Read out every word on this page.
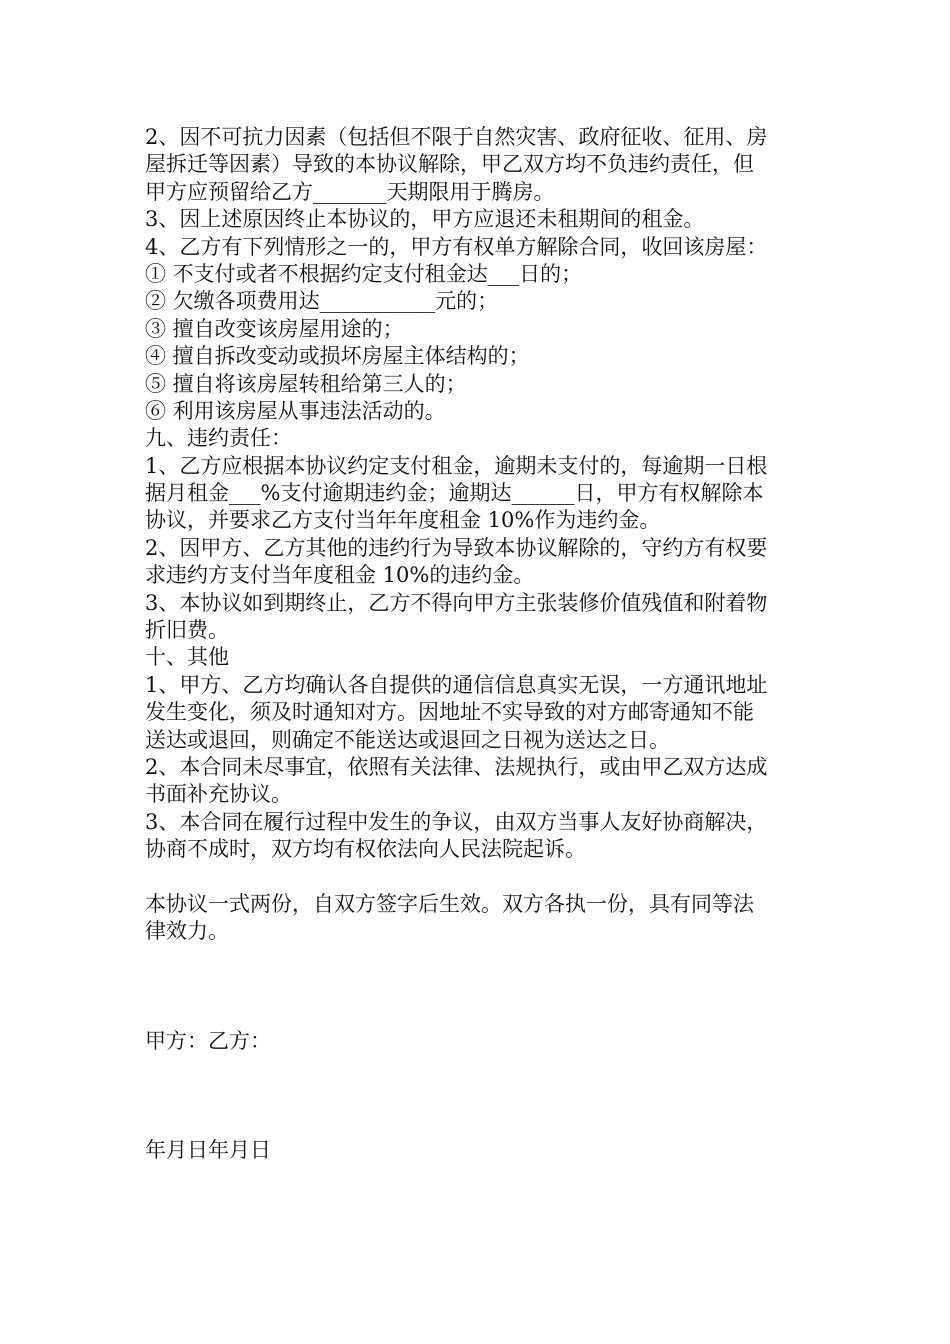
2、因不可抗力因素（包括但不限于自然灾害、政府征收、征用、房
屋拆迁等因素）导致的本协议解除，甲乙双方均不负违约责任，但
甲方应预留给乙方_______天期限用于腾房。
3、因上述原因终止本协议的，甲方应退还未租期间的租金。
4、乙方有下列情形之一的，甲方有权单方解除合同，收回该房屋：
① 不支付或者不根据约定支付租金达___日的；
② 欠缴各项费用达___________元的；
③ 擅自改变该房屋用途的；
④ 擅自拆改变动或损坏房屋主体结构的；
⑤ 擅自将该房屋转租给第三人的；
⑥ 利用该房屋从事违法活动的。
九、违约责任：
1、乙方应根据本协议约定支付租金，逾期未支付的，每逾期一日根
据月租金___%支付逾期违约金；逾期达______日，甲方有权解除本
协议，并要求乙方支付当年年度租金 10%作为违约金。
2、因甲方、乙方其他的违约行为导致本协议解除的，守约方有权要
求违约方支付当年度租金 10%的违约金。
3、本协议如到期终止，乙方不得向甲方主张装修价值残值和附着物
折旧费。
十、其他
1、甲方、乙方均确认各自提供的通信信息真实无误，一方通讯地址
发生变化，须及时通知对方。因地址不实导致的对方邮寄通知不能
送达或退回，则确定不能送达或退回之日视为送达之日。
2、本合同未尽事宜，依照有关法律、法规执行，或由甲乙双方达成
书面补充协议。
3、本合同在履行过程中发生的争议，由双方当事人友好协商解决，
协商不成时，双方均有权依法向人民法院起诉。
本协议一式两份，自双方签字后生效。双方各执一份，具有同等法
律效力。
甲方：乙方：
年月日年月日
